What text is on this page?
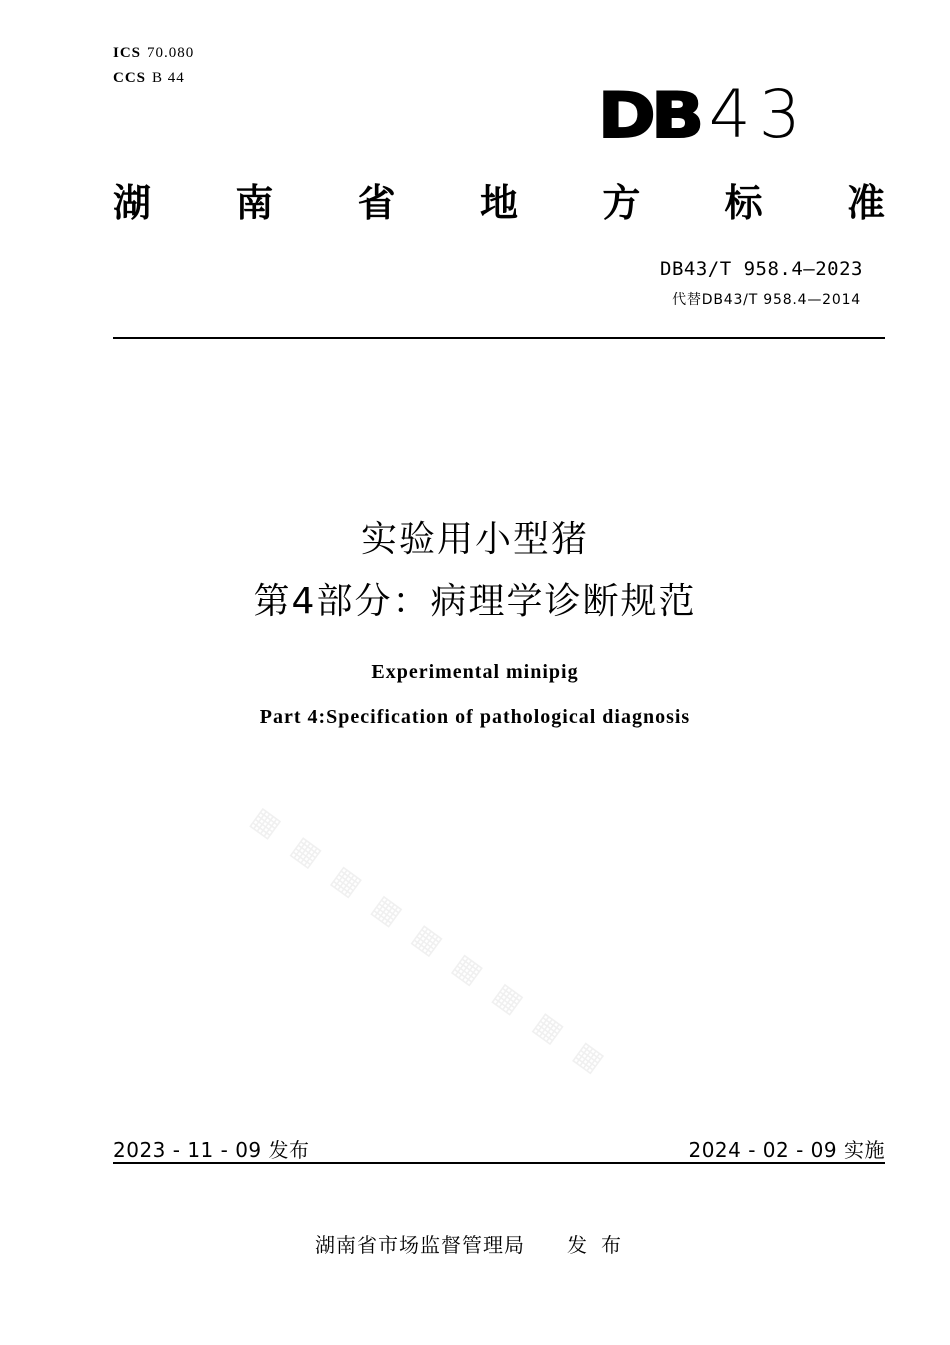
ICS 70.080
CCS B 44
DB 43
湖 南 省 地 方 标 准
DB43/T 958.4—2023
代替DB43/T 958.4—2014
实验用小型猪
第4部分：病理学诊断规范
Experimental minipig
Part 4:Specification of pathological diagnosis
▦ ▦ ▦ ▦ ▦ ▦ ▦ ▦ ▦
2023 - 11 - 09 发布	2024 - 02 - 09 实施
湖南省市场监督管理局 发布
